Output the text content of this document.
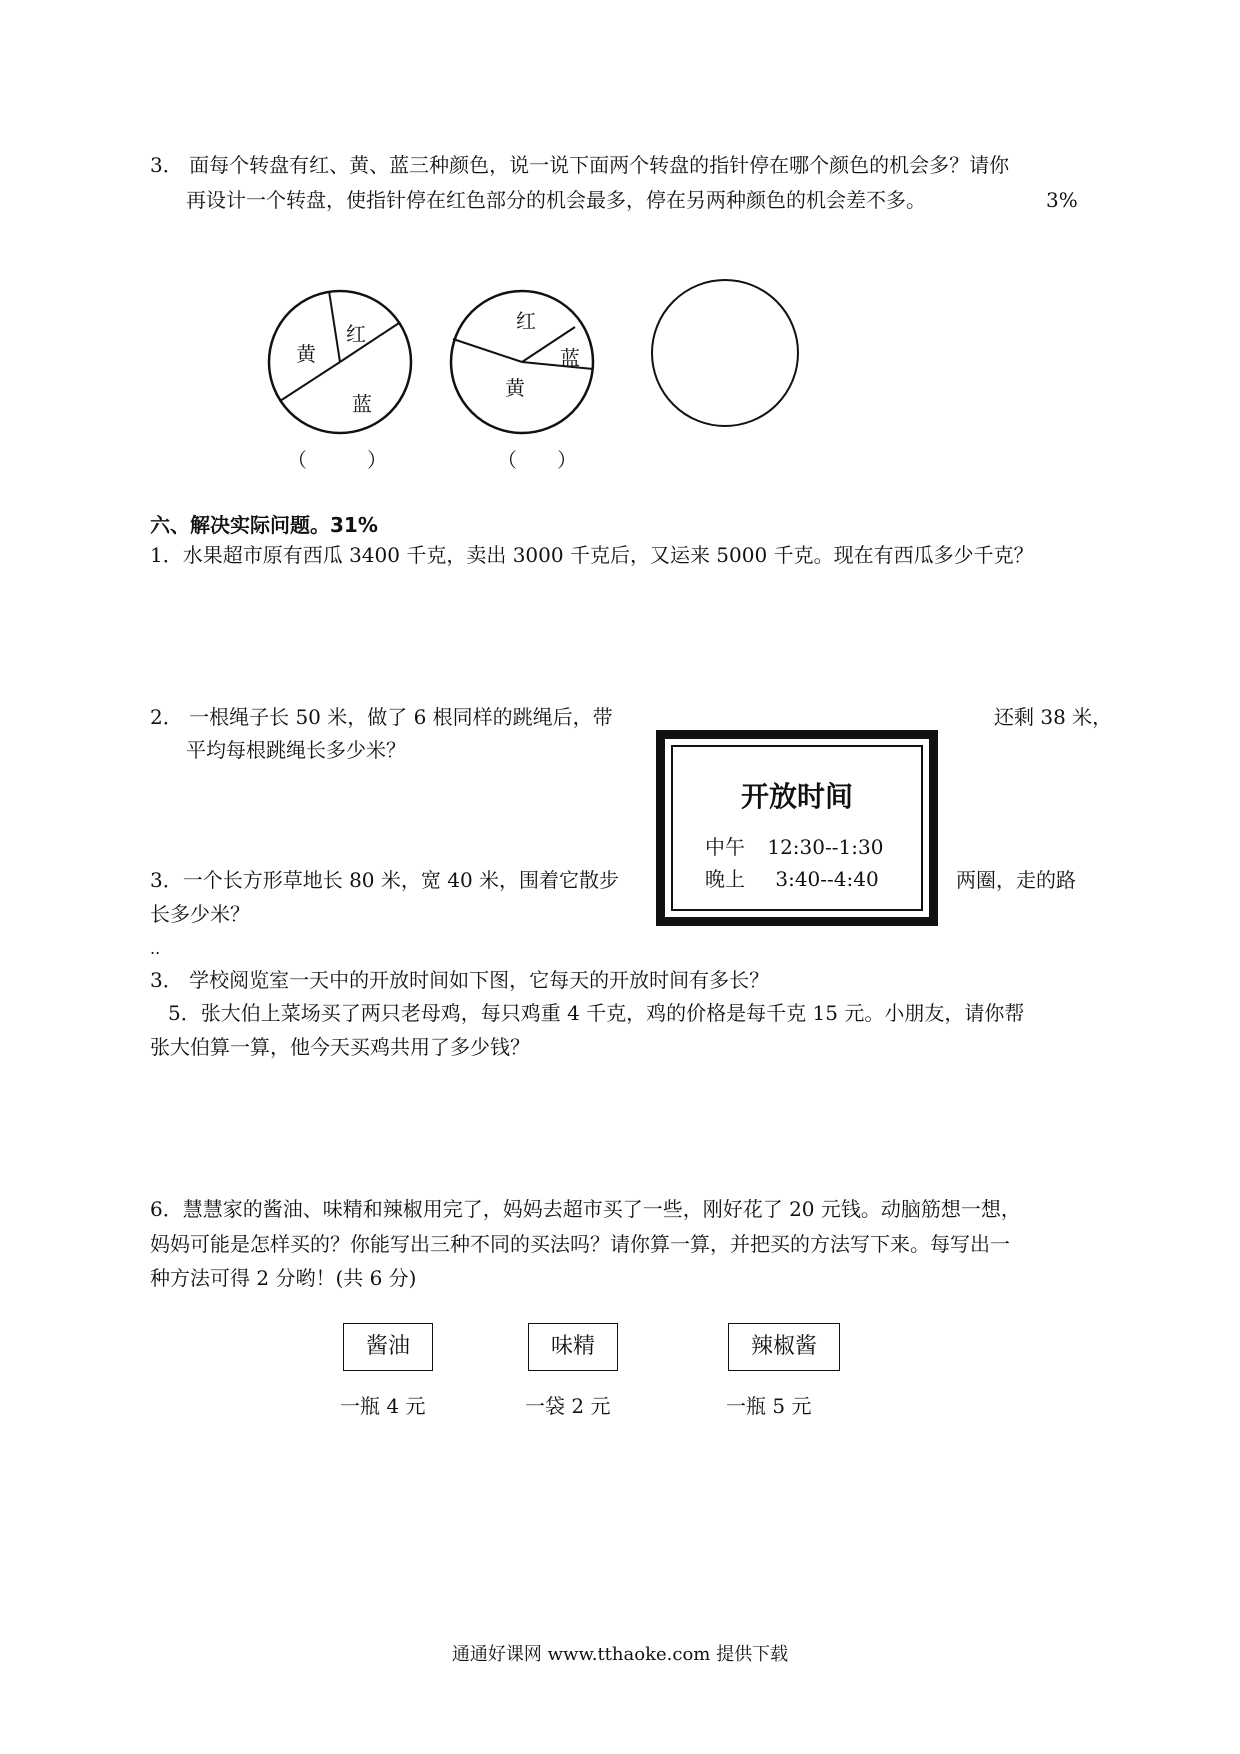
3． 面每个转盘有红、黄、蓝三种颜色，说一说下面两个转盘的指针停在哪个颜色的机会多？请你
再设计一个转盘，使指针停在红色部分的机会最多，停在另两种颜色的机会差不多。	3%
黄
红
蓝
（　　　）
红
蓝
黄
（　　）
六、解决实际问题。31%
1．水果超市原有西瓜 3400 千克，卖出 3000 千克后，又运来 5000 千克。现在有西瓜多少千克？
2． 一根绳子长 50 米，做了 6 根同样的跳绳后，带	还剩 38 米，
平均每根跳绳长多少米？
3．一个长方形草地长 80 米，宽 40 米，围着它散步	两圈，走的路
长多少米？
..
开放时间
中午 12:30--1:30
晚上 3:40--4:40
3． 学校阅览室一天中的开放时间如下图，它每天的开放时间有多长？
5．张大伯上菜场买了两只老母鸡，每只鸡重 4 千克，鸡的价格是每千克 15 元。小朋友，请你帮
张大伯算一算，他今天买鸡共用了多少钱？
6．慧慧家的酱油、味精和辣椒用完了，妈妈去超市买了一些，刚好花了 20 元钱。动脑筋想一想，
妈妈可能是怎样买的？你能写出三种不同的买法吗？请你算一算，并把买的方法写下来。每写出一
种方法可得 2 分哟！(共 6 分)
酱油	味精	辣椒酱
一瓶 4 元	一袋 2 元	一瓶 5 元
通通好课网 www.tthaoke.com 提供下载
